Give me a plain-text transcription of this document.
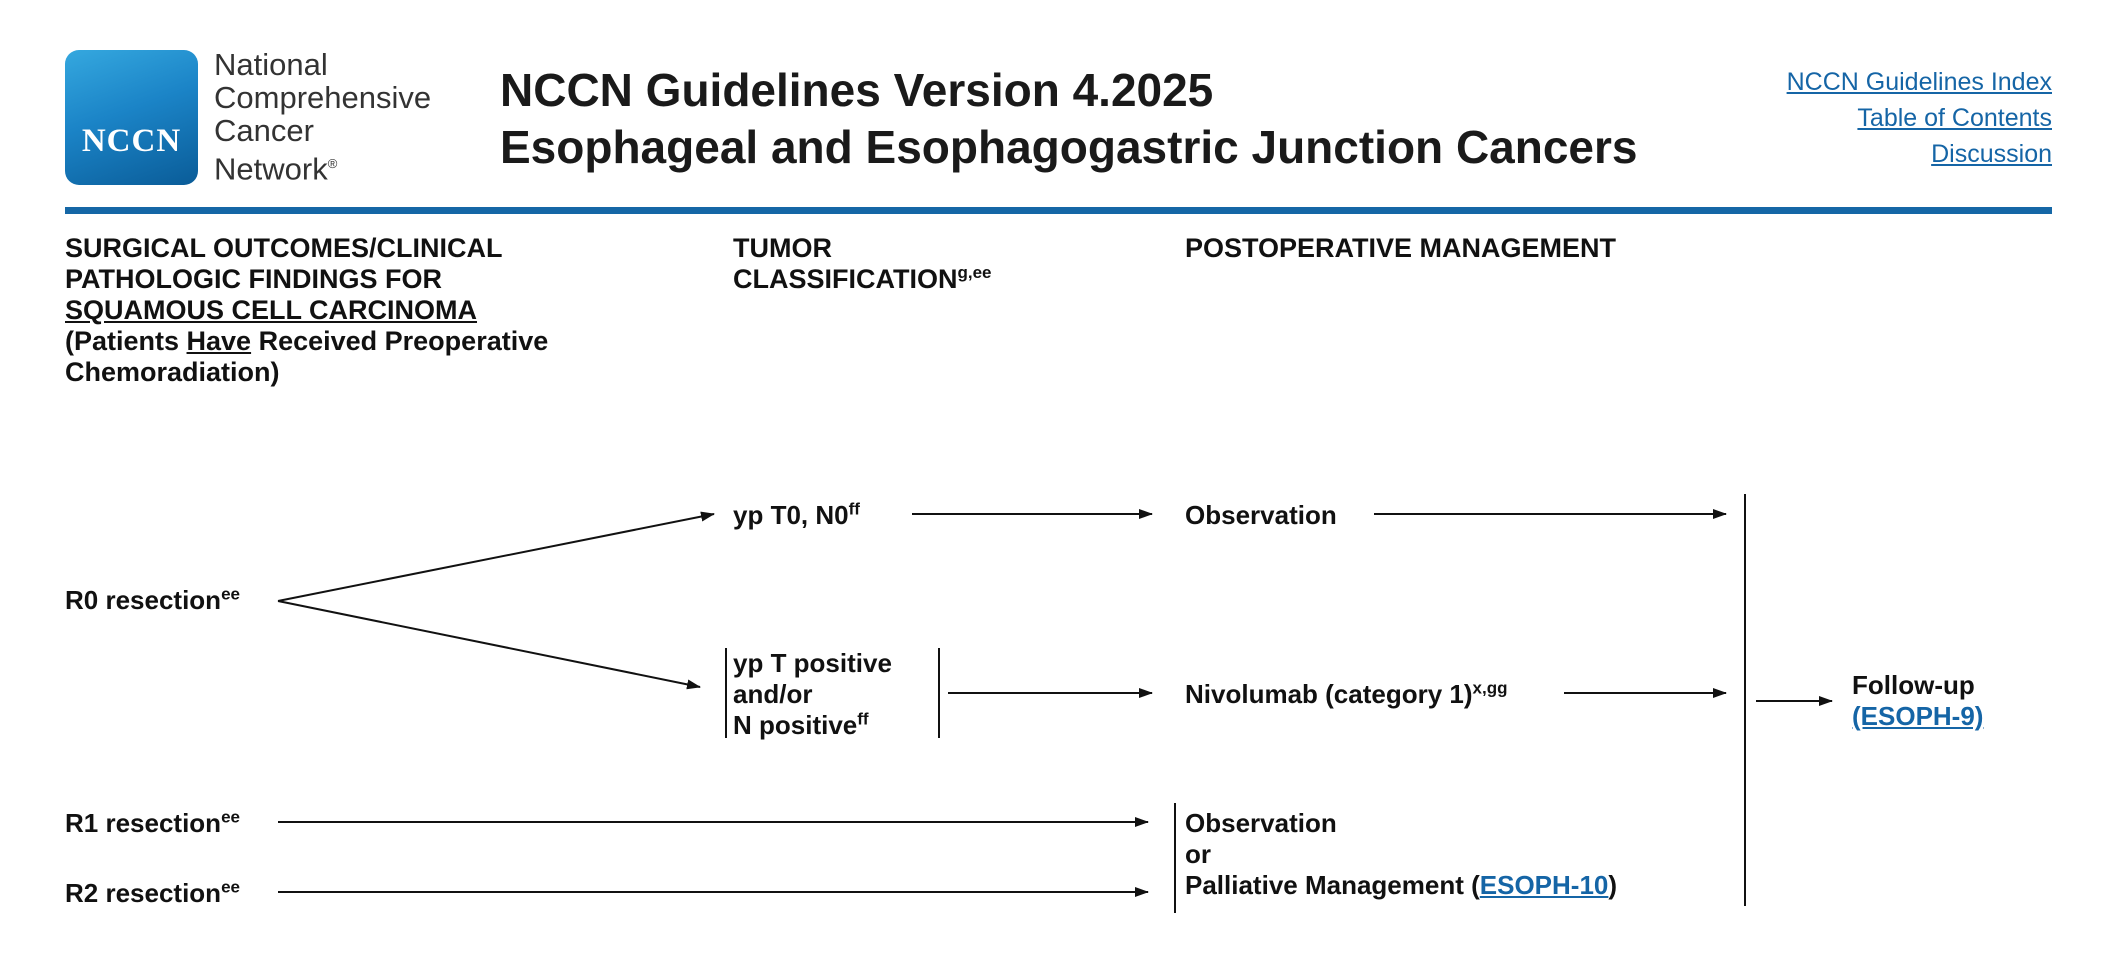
NCCN
National
Comprehensive
Cancer
Network®
NCCN Guidelines Version 4.2025
Esophageal and Esophagogastric Junction Cancers
NCCN Guidelines Index
Table of Contents
Discussion
SURGICAL OUTCOMES/CLINICAL
PATHOLOGIC FINDINGS FOR
SQUAMOUS CELL CARCINOMA
(Patients Have Received Preoperative
Chemoradiation)
TUMOR
$CLASSIFICATION^{g,ee}$
POSTOPERATIVE MANAGEMENT
R0 resection$^{ee}$
R1 resection$^{ee}$
R2 resection$^{ee}$
yp T0, $N0^{ff}$
yp T positive
and/or
N positive$^{ff}$
Observation
Nivolumab (category 1)$^{x,gg}$
Observation
or
Palliative Management (ESOPH-10)
Follow-up
(ESOPH-9)
